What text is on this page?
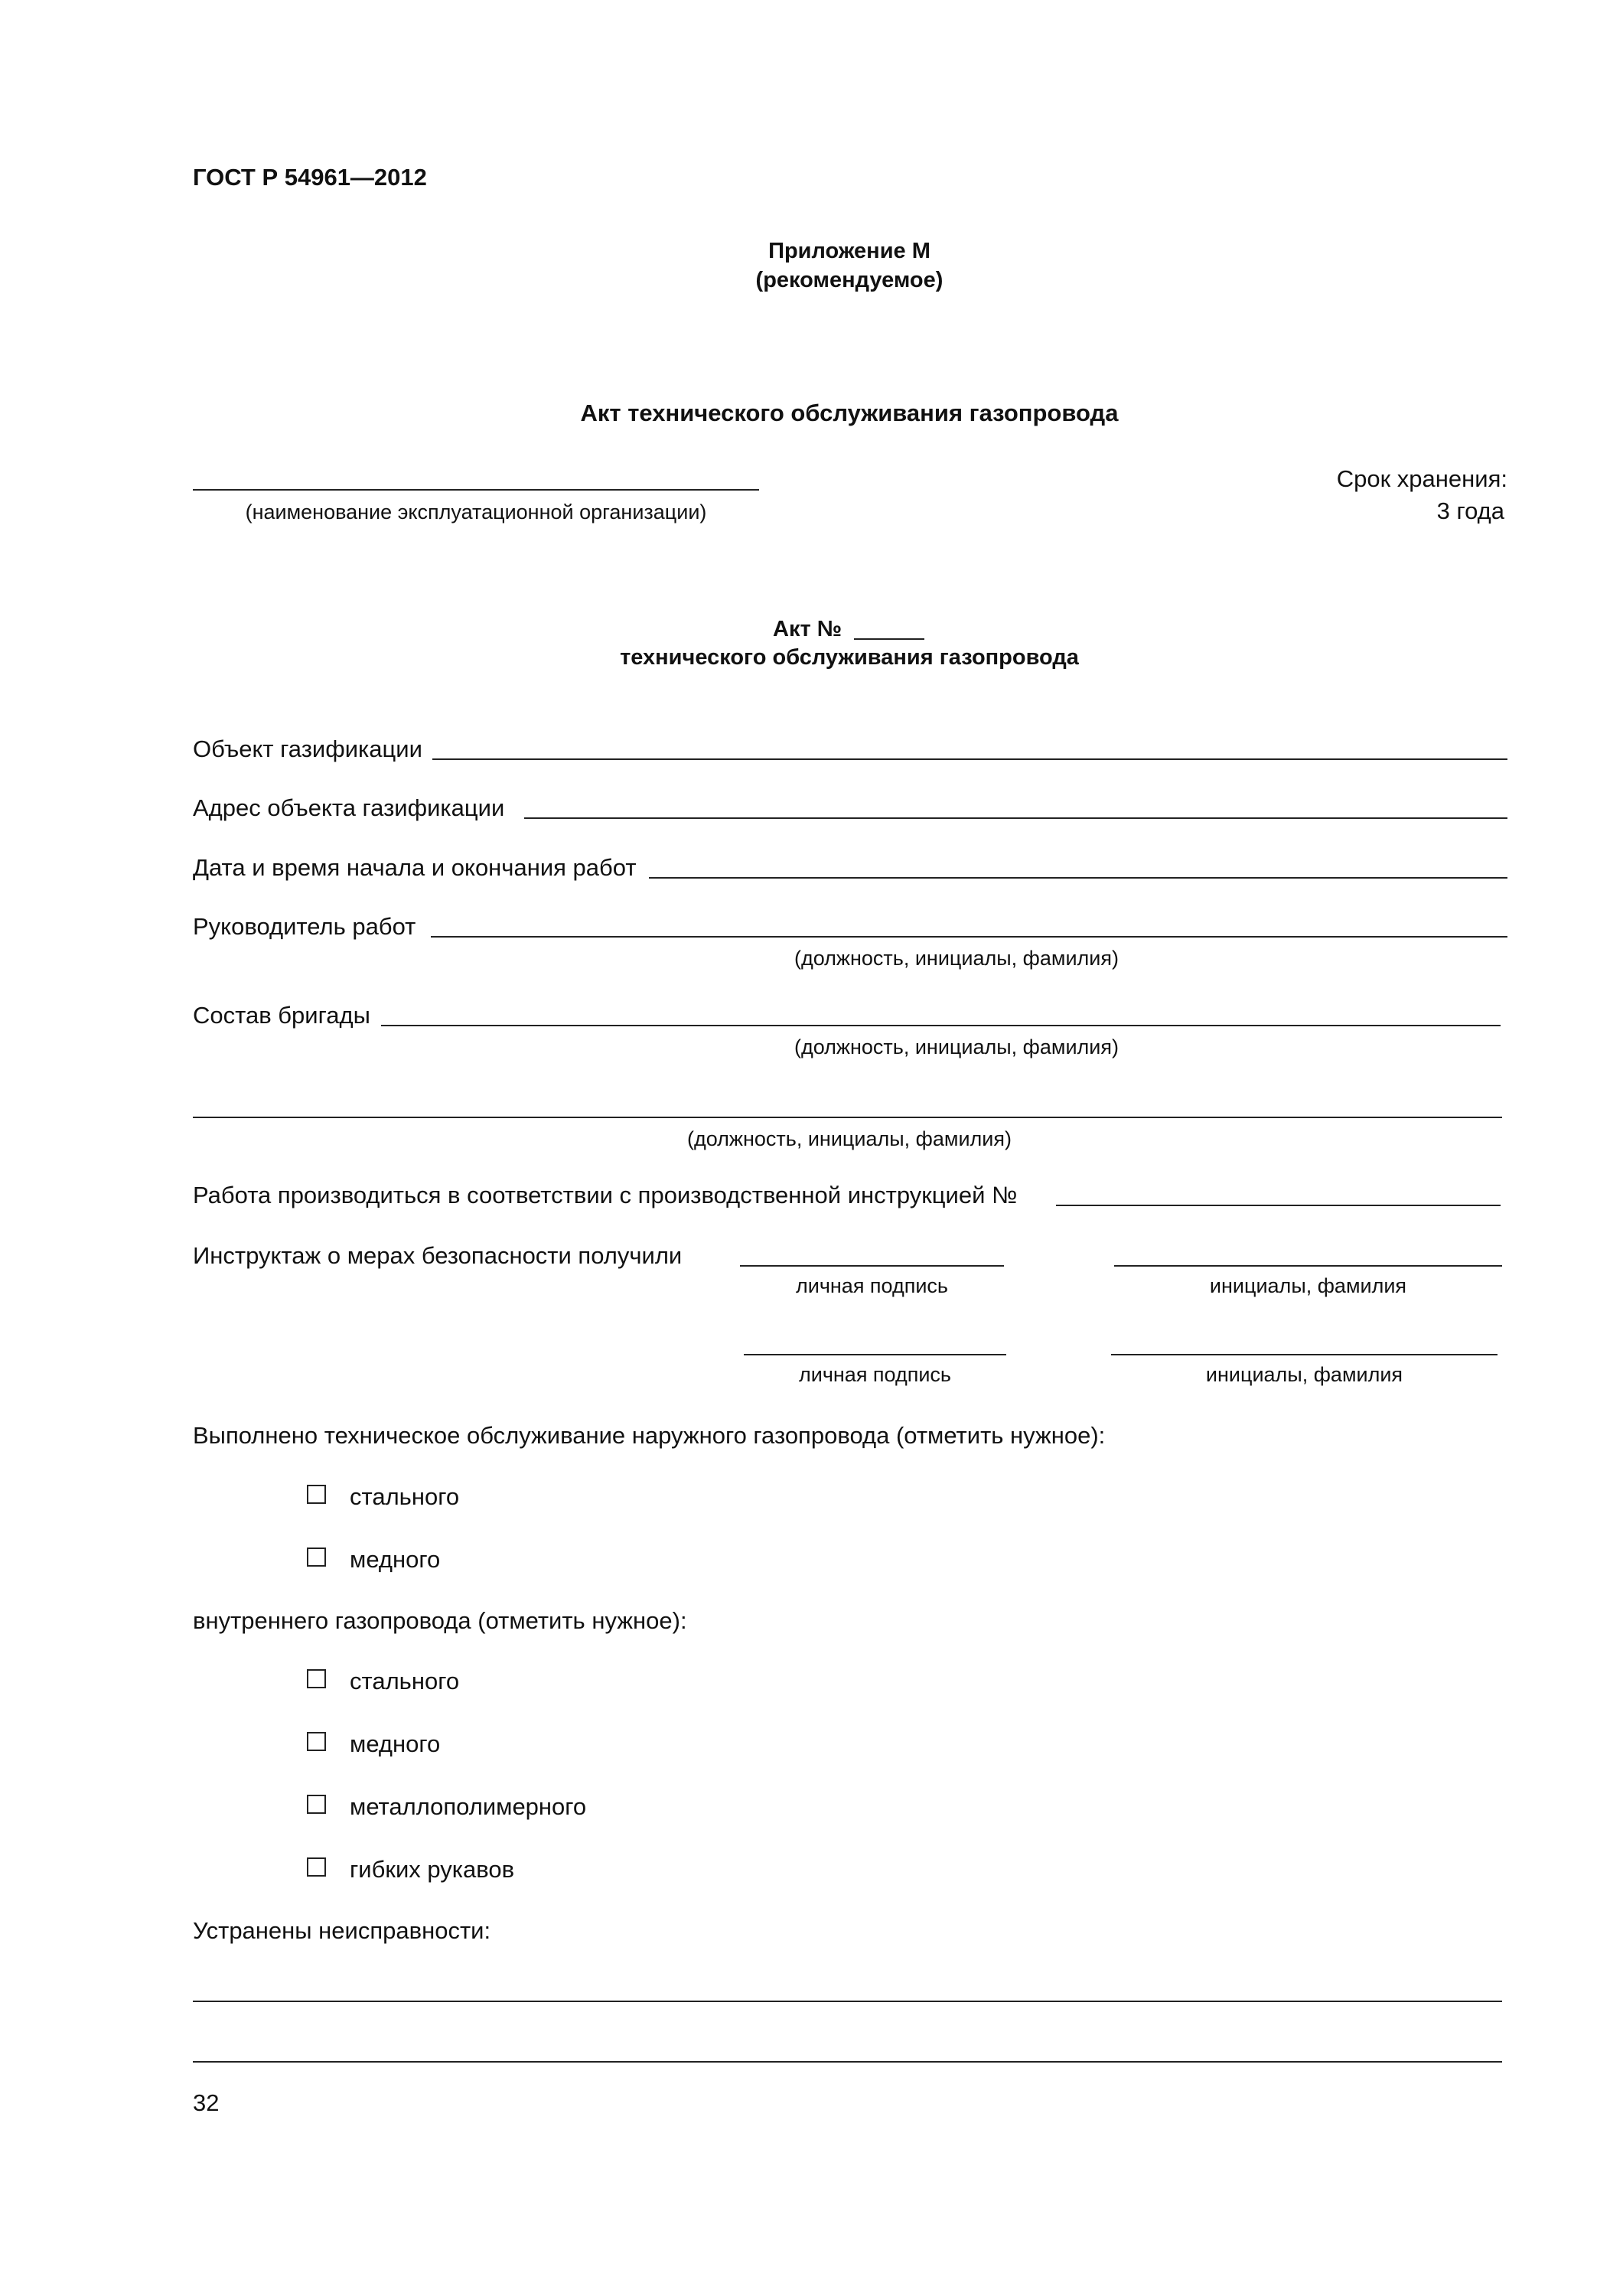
ГОСТ Р 54961—2012
Приложение М
(рекомендуемое)
Акт технического обслуживания газопровода
(наименование эксплуатационной организации)
Срок хранения:
3 года
Акт №
технического обслуживания газопровода
Объект газификации
Адрес объекта газификации
Дата и время начала и окончания работ
Руководитель работ
(должность, инициалы, фамилия)
Состав бригады
(должность, инициалы, фамилия)
(должность, инициалы, фамилия)
Работа производиться в соответствии с производственной инструкцией №
Инструктаж о мерах безопасности получили
личная подпись	инициалы, фамилия
личная подпись	инициалы, фамилия
Выполнено техническое обслуживание наружного газопровода (отметить нужное):
стального
медного
внутреннего газопровода (отметить нужное):
стального
медного
металлополимерного
гибких рукавов
Устранены неисправности:
32
